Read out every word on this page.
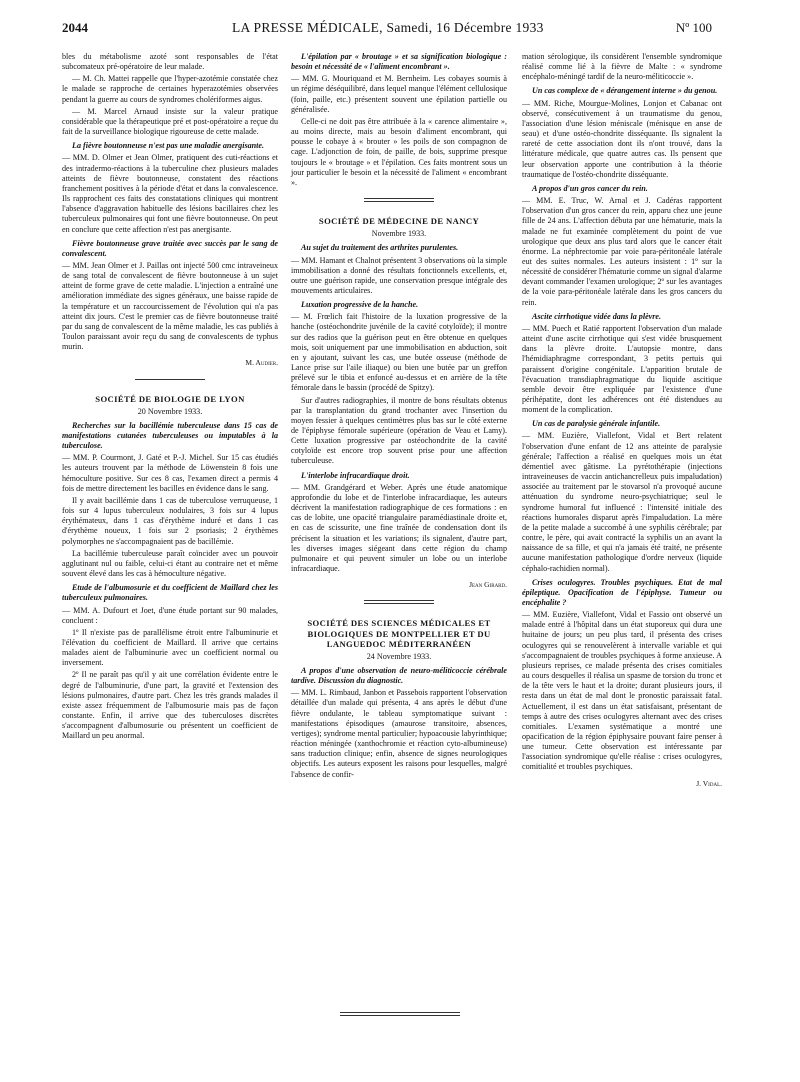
2044	LA PRESSE MÉDICALE, Samedi, 16 Décembre 1933	Nº 100

bles du métabolisme azoté sont responsables de l'état subcomateux pré-opératoire de leur malade.

— M. Ch. Mattei rappelle que l'hyper-azotémie constatée chez le malade se rapproche de certaines hyperazotémies observées pendant la guerre au cours de syndromes cholériformes aigus.

— M. Marcel Arnaud insiste sur la valeur pratique considérable que la thérapeutique pré et post-opératoire a reçue du fait de la surveillance biologique rigoureuse de cette malade.

La fièvre boutonneuse n'est pas une maladie anergisante.

— MM. D. Olmer et Jean Olmer, pratiquent des cuti-réactions et des intradermo-réactions à la tuberculine chez plusieurs malades atteints de fièvre boutonneuse, constatent des réactions franchement positives à la période d'état et dans la convalescence. Ils rapprochent ces faits des constatations cliniques qui montrent l'absence d'aggravation habituelle des lésions bacillaires chez les tuberculeux pulmonaires qui font une fièvre boutonneuse. On peut en conclure que cette affection n'est pas anergisante.

Fièvre boutonneuse grave traitée avec succès par le sang de convalescent.

— MM. Jean Olmer et J. Paillas ont injecté 500 cmc intraveineux de sang total de convalescent de fièvre boutonneuse à un sujet atteint de forme grave de cette maladie. L'injection a entraîné une amélioration immédiate des signes généraux, une baisse rapide de la température et un raccourcissement de l'évolution qui n'a pas atteint dix jours. C'est le premier cas de fièvre boutonneuse traité par du sang de convalescent de la même maladie, les cas publiés à Toulon paraissant avoir reçu du sang de convalescents de typhus murin.

M. Audier.

SOCIÉTÉ DE BIOLOGIE DE LYON

20 Novembre 1933.

Recherches sur la bacillémie tuberculeuse dans 15 cas de manifestations cutanées tuberculeuses ou imputables à la tuberculose.

— MM. P. Courmont, J. Gaté et P.-J. Michel. Sur 15 cas étudiés les auteurs trouvent par la méthode de Löwenstein 8 fois une hémoculture positive. Sur ces 8 cas, l'examen direct a permis 4 fois de mettre directement les bacilles en évidence dans le sang.

Il y avait bacillémie dans 1 cas de tuberculose verruqueuse, 1 fois sur 4 lupus tuberculeux nodulaires, 3 fois sur 4 lupus érythémateux, dans 1 cas d'érythème induré et dans 1 cas d'érythème noueux, 1 fois sur 2 psoriasis; 2 érythèmes polymorphes ne s'accompagnaient pas de bacillémie.

La bacillémie tuberculeuse paraît coïncider avec un pouvoir agglutinant nul ou faible, celui-ci étant au contraire net et même souvent élevé dans les cas à hémoculture négative.

Etude de l'albumosurie et du coefficient de Maillard chez les tuberculeux pulmonaires.

— MM. A. Dufourt et Joet, d'une étude portant sur 90 malades, concluent :

1º Il n'existe pas de parallélisme étroit entre l'albuminurie et l'élévation du coefficient de Maillard. Il arrive que certains malades aient de l'albuminurie avec un coefficient normal ou inversement.

2º Il ne paraît pas qu'il y ait une corrélation évidente entre le degré de l'albuminurie, d'une part, la gravité et l'extension des lésions pulmonaires, d'autre part. Chez les très grands malades il existe assez fréquemment de l'albumosurie mais pas de façon constante. Enfin, il arrive que des tuberculoses discrètes s'accompagnent d'albumosurie ou présentent un coefficient de Maillard un peu anormal.

L'épilation par « broutage » et sa signification biologique : besoin et nécessité de « l'aliment encombrant ».

— MM. G. Mouriquand et M. Bernheim. Les cobayes soumis à un régime déséquilibré, dans lequel manque l'élément cellulosique (foin, paille, etc.) présentent souvent une épilation partielle ou généralisée.

Celle-ci ne doit pas être attribuée à la « carence alimentaire », au moins directe, mais au besoin d'aliment encombrant, qui pousse le cobaye à « brouter » les poils de son compagnon de cage. L'adjonction de foin, de paille, de bois, supprime presque toujours le « broutage » et l'épilation. Ces faits montrent sous un jour particulier le besoin et la nécessité de l'aliment « encombrant ».

SOCIÉTÉ DE MÉDECINE DE NANCY

Novembre 1933.

Au sujet du traitement des arthrites purulentes.

— MM. Hamant et Chalnot présentent 3 observations où la simple immobilisation a donné des résultats fonctionnels excellents, et, outre une guérison rapide, une conservation presque intégrale des mouvements articulaires.

Luxation progressive de la hanche.

— M. Frœlich fait l'histoire de la luxation progressive de la hanche (ostéochondrite juvénile de la cavité cotyloïde); il montre sur des radios que la guérison peut en être obtenue en quelques mois, soit uniquement par une immobilisation en abduction, soit en y ajoutant, suivant les cas, une butée osseuse (méthode de Lance prise sur l'aile iliaque) ou bien une butée par un greffon prélevé sur le tibia et enfoncé au-dessus et en arrière de la tête fémorale dans le bassin (procédé de Spitzy).

Sur d'autres radiographies, il montre de bons résultats obtenus par la transplantation du grand trochanter avec l'insertion du moyen fessier à quelques centimètres plus bas sur le côté externe de l'épiphyse fémorale supérieure (opération de Veau et Lamy). Cette luxation progressive par ostéochondrite de la cavité cotyloïde est encore trop souvent prise pour une affection tuberculeuse.

L'interlobe infracardiaque droit.

— MM. Grandgérard et Weber. Après une étude anatomique approfondie du lobe et de l'interlobe infracardiaque, les auteurs décrivent la manifestation radiographique de ces formations : en cas de lobite, une opacité triangulaire paramédiastinale droite et, en cas de scissurite, une fine traînée de condensation dont ils précisent la situation et les variations; ils signalent, d'autre part, les diverses images siégeant dans cette région du champ pulmonaire et qui peuvent simuler un lobe ou un interlobe infracardiaque.

Jean Girard.

SOCIÉTÉ DES SCIENCES MÉDICALES ET BIOLOGIQUES DE MONTPELLIER ET DU LANGUEDOC MÉDITERRANÉEN

24 Novembre 1933.

A propos d'une observation de neuro-méliticoccie cérébrale tardive. Discussion du diagnostic.

— MM. L. Rimbaud, Janbon et Passebois rapportent l'observation détaillée d'un malade qui présenta, 4 ans après le début d'une fièvre ondulante, le tableau symptomatique suivant : manifestations épisodiques (amaurose transitoire, absences, vertiges); syndrome mental particulier; hypoacousie labyrinthique; réaction méningée (xanthochromie et réaction cyto-albumineuse) sans traduction clinique; enfin, absence de signes neurologiques objectifs. Les auteurs exposent les raisons pour lesquelles, malgré l'absence de confir-

mation sérologique, ils considèrent l'ensemble syndromique réalisé comme lié à la fièvre de Malte : « syndrome encéphalo-méningé tardif de la neuro-méliticoccie ».

Un cas complexe de « dérangement interne » du genou.

— MM. Riche, Mourgue-Molines, Lonjon et Cabanac ont observé, consécutivement à un traumatisme du genou, l'association d'une lésion méniscale (ménisque en anse de seau) et d'une ostéo-chondrite disséquante. Ils signalent la rareté de cette association dont ils n'ont trouvé, dans la littérature médicale, que quatre autres cas. Ils pensent que leur observation apporte une contribution à la théorie traumatique de l'ostéo-chondrite disséquante.

A propos d'un gros cancer du rein.

— MM. E. Truc, W. Arnal et J. Cadéras rapportent l'observation d'un gros cancer du rein, apparu chez une jeune fille de 24 ans. L'affection débuta par une hématurie, mais la malade ne fut examinée complètement du point de vue urologique que deux ans plus tard alors que le cancer était énorme. La néphrectomie par voie para-péritonéale latérale eut des suites normales. Les auteurs insistent : 1º sur la nécessité de considérer l'hématurie comme un signal d'alarme devant commander l'examen urologique; 2º sur les avantages de la voie para-péritonéale latérale dans les gros cancers du rein.

Ascite cirrhotique vidée dans la plèvre.

— MM. Puech et Ratié rapportent l'observation d'un malade atteint d'une ascite cirrhotique qui s'est vidée brusquement dans la plèvre droite. L'autopsie montre, dans l'hémidiaphragme correspondant, 3 petits pertuis qui paraissent d'origine congénitale. L'apparition brutale de l'évacuation transdiaphragmatique du liquide ascitique semble devoir être expliquée par l'existence d'une périhépatite, dont les adhérences ont été distendues au moment de la complication.

Un cas de paralysie générale infantile.

— MM. Euzière, Viallefont, Vidal et Bert relatent l'observation d'une enfant de 12 ans atteinte de paralysie générale; l'affection a réalisé en quelques mois un état démentiel avec gâtisme. La pyrétothérapie (injections intraveineuses de vaccin antichancrelleux puis impaludation) associée au traitement par le stovarsol n'a provoqué aucune atténuation du syndrome neuro-psychiatrique; seul le syndrome humoral fut influencé : l'intensité initiale des réactions humorales disparut après l'impaludation. La mère de la petite malade a succombé à une syphilis cérébrale; par contre, le père, qui avait contracté la syphilis un an avant la naissance de sa fille, et qui n'a jamais été traité, ne présente aucune manifestation pathologique d'ordre nerveux (liquide céphalo-rachidien normal).

Crises oculogyres. Troubles psychiques. Etat de mal épileptique. Opacification de l'épiphyse. Tumeur ou encéphalite ?

— MM. Euzière, Viallefont, Vidal et Fassio ont observé un malade entré à l'hôpital dans un état stuporeux qui dura une huitaine de jours; un peu plus tard, il présenta des crises oculogyres qui se renouvelèrent à intervalle variable et qui s'accompagnaient de troubles psychiques à forme anxieuse. A plusieurs reprises, ce malade présenta des crises comitiales au cours desquelles il réalisa un spasme de torsion du tronc et de la tête vers le haut et la droite; durant plusieurs jours, il resta dans un état de mal dont le pronostic paraissait fatal. Actuellement, il est dans un état satisfaisant, présentant de temps à autre des crises oculogyres alternant avec des crises comitiales. L'examen systématique a montré une opacification de la région épiphysaire pouvant faire penser à une tumeur. Cette observation est intéressante par l'association syndromique qu'elle réalise : crises oculogyres, comitialité et troubles psychiques.

J. Vidal.
